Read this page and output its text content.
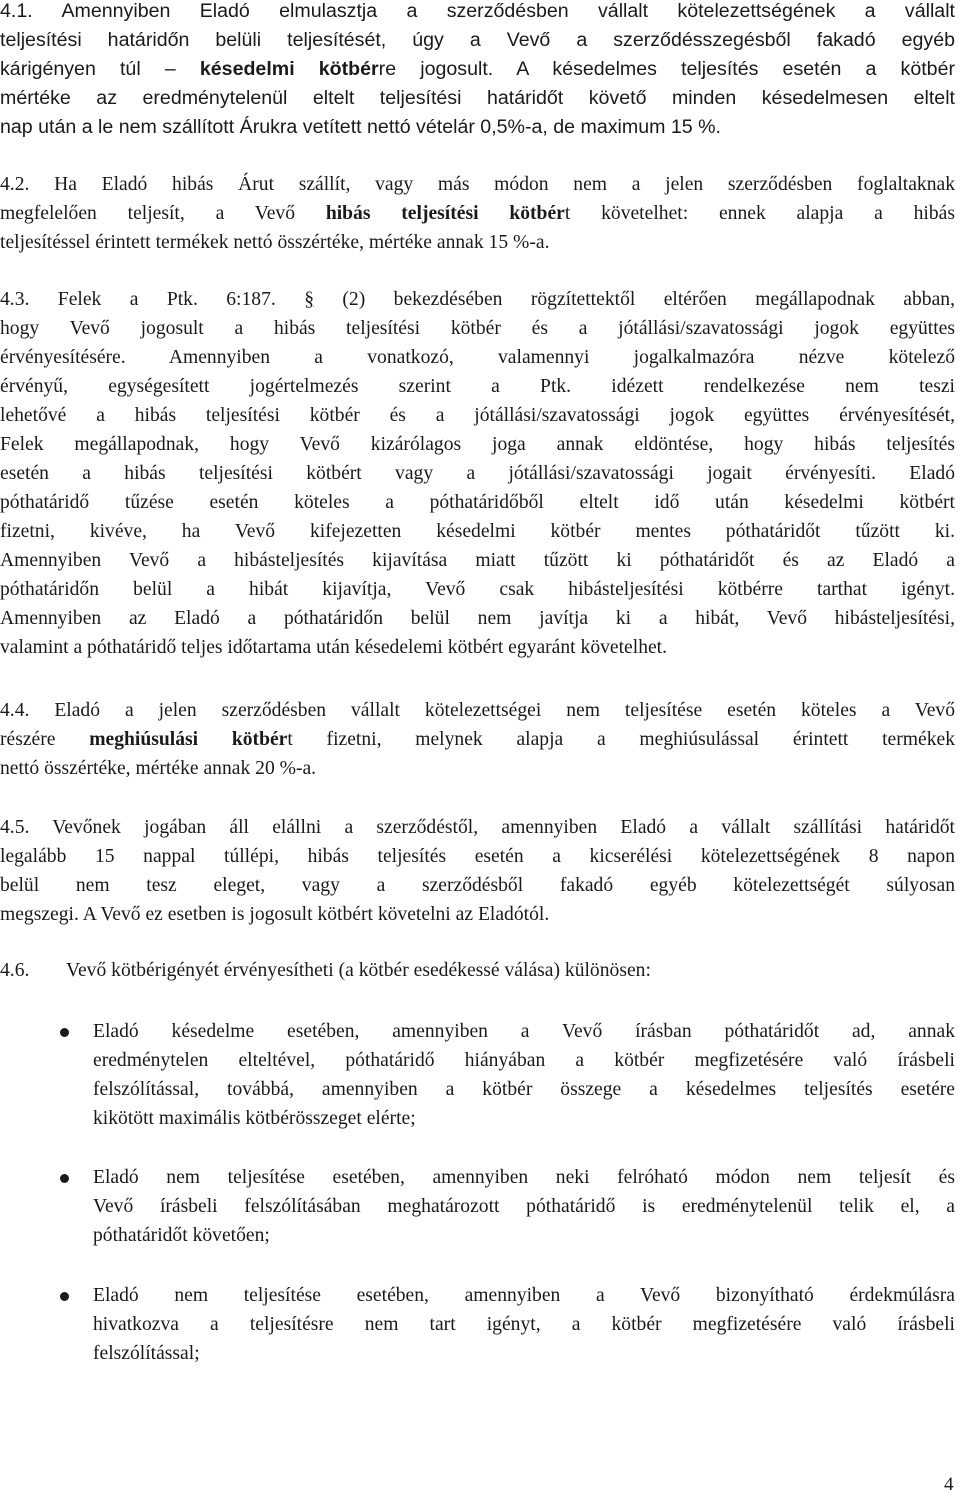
4.1. Amennyiben Eladó elmulasztja a szerződésben vállalt kötelezettségének a vállalt
teljesítési határidőn belüli teljesítését, úgy a Vevő a szerződésszegésből fakadó egyéb
kárigényen túl – késedelmi kötbérre jogosult. A késedelmes teljesítés esetén a kötbér
mértéke az eredménytelenül eltelt teljesítési határidőt követő minden késedelmesen eltelt
nap után a le nem szállított Árukra vetített nettó vételár 0,5%-a, de maximum 15 %.
4.2. Ha Eladó hibás Árut szállít, vagy más módon nem a jelen szerződésben foglaltaknak
megfelelően teljesít, a Vevő hibás teljesítési kötbért követelhet: ennek alapja a hibás
teljesítéssel érintett termékek nettó összértéke, mértéke annak 15 %-a.
4.3. Felek a Ptk. 6:187. § (2) bekezdésében rögzítettektől eltérően megállapodnak abban,
hogy Vevő jogosult a hibás teljesítési kötbér és a jótállási/szavatossági jogok együttes
érvényesítésére. Amennyiben a vonatkozó, valamennyi jogalkalmazóra nézve kötelező
érvényű, egységesített jogértelmezés szerint a Ptk. idézett rendelkezése nem teszi
lehetővé a hibás teljesítési kötbér és a jótállási/szavatossági jogok együttes érvényesítését,
Felek megállapodnak, hogy Vevő kizárólagos joga annak eldöntése, hogy hibás teljesítés
esetén a hibás teljesítési kötbért vagy a jótállási/szavatossági jogait érvényesíti. Eladó
póthatáridő tűzése esetén köteles a póthatáridőből eltelt idő után késedelmi kötbért
fizetni, kivéve, ha Vevő kifejezetten késedelmi kötbér mentes póthatáridőt tűzött ki.
Amennyiben Vevő a hibásteljesítés kijavítása miatt tűzött ki póthatáridőt és az Eladó a
póthatáridőn belül a hibát kijavítja, Vevő csak hibásteljesítési kötbérre tarthat igényt.
Amennyiben az Eladó a póthatáridőn belül nem javítja ki a hibát, Vevő hibásteljesítési,
valamint a póthatáridő teljes időtartama után késedelemi kötbért egyaránt követelhet.
4.4. Eladó a jelen szerződésben vállalt kötelezettségei nem teljesítése esetén köteles a Vevő
részére meghiúsulási kötbért fizetni, melynek alapja a meghiúsulással érintett termékek
nettó összértéke, mértéke annak 20 %-a.
4.5. Vevőnek jogában áll elállni a szerződéstől, amennyiben Eladó a vállalt szállítási határidőt
legalább 15 nappal túllépi, hibás teljesítés esetén a kicserélési kötelezettségének 8 napon
belül nem tesz eleget, vagy a szerződésből fakadó egyéb kötelezettségét súlyosan
megszegi. A Vevő ez esetben is jogosult kötbért követelni az Eladótól.
4.6. Vevő kötbérigényét érvényesítheti (a kötbér esedékessé válása) különösen:
Eladó késedelme esetében, amennyiben a Vevő írásban póthatáridőt ad, annak
eredménytelen elteltével, póthatáridő hiányában a kötbér megfizetésére való írásbeli
felszólítással, továbbá, amennyiben a kötbér összege a késedelmes teljesítés esetére
kikötött maximális kötbérösszeget elérte;
Eladó nem teljesítése esetében, amennyiben neki felróható módon nem teljesít és
Vevő írásbeli felszólításában meghatározott póthatáridő is eredménytelenül telik el, a
póthatáridőt követően;
Eladó nem teljesítése esetében, amennyiben a Vevő bizonyítható érdekmúlásra
hivatkozva a teljesítésre nem tart igényt, a kötbér megfizetésére való írásbeli
felszólítással;
4
